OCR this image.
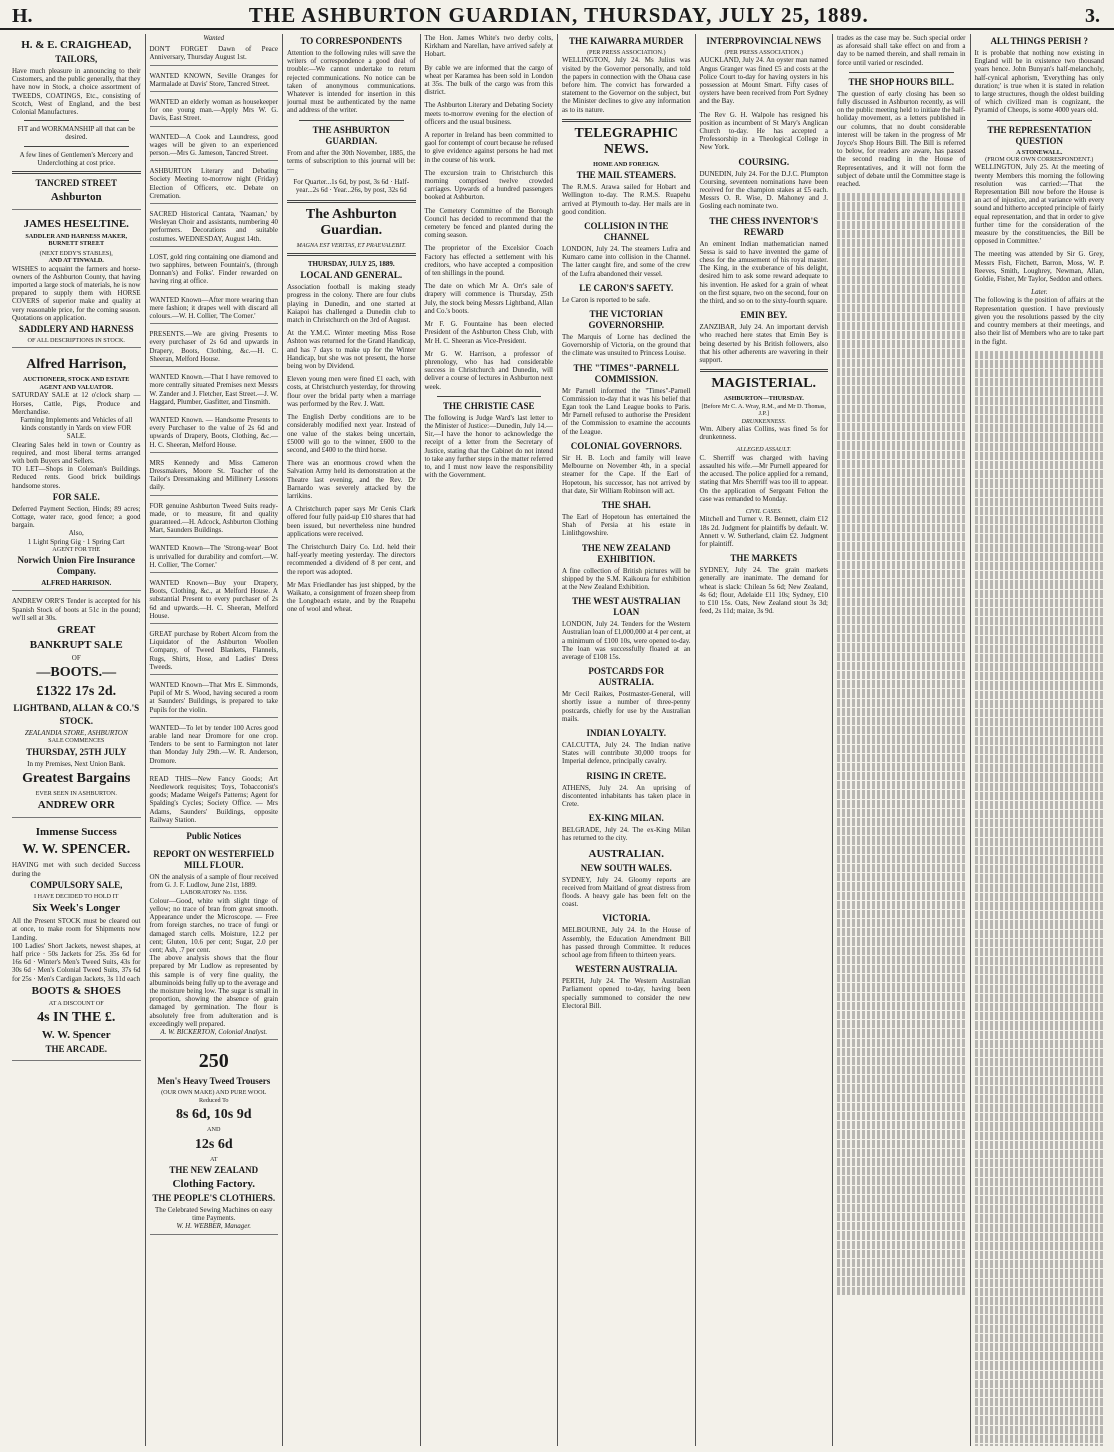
H.	THE ASHBURTON GUARDIAN, THURSDAY, JULY 25, 1889.	3.
H. & E. CRAIGHEAD,
TAILORS,
Have much pleasure in announcing to their Customers, and the public generally, that they have now in Stock, a choice assortment of TWEEDS, COATINGS, Etc., consisting of Scotch, West of England, and the best Colonial Manufactures.
FIT and WORKMANSHIP all that can be desired.
A few lines of Gentlemen's Mercery and Underclothing at cost price.
TANCRED STREET
Ashburton
JAMES HESELTINE.
SADDLER AND HARNESS MAKER, BURNETT STREET
(NEXT EDDY'S STABLES),
AND AT TINWALD.
WISHES to acquaint the farmers and horse-owners of the Ashburton County, that having imported a large stock of materials, he is now prepared to supply them with HORSE COVERS of superior make and quality at very reasonable price, for the coming season. Quotations on application.
SADDLERY AND HARNESS
OF ALL DESCRIPTIONS IN STOCK.
Alfred Harrison,
AUCTIONEER, STOCK AND ESTATE AGENT AND VALUATOR.
SATURDAY SALE at 12 o'clock sharp — Horses, Cattle, Pigs, Produce and Merchandise.
Farming Implements and Vehicles of all kinds constantly in Yards on view FOR SALE.
Clearing Sales held in town or Country as required, and most liberal terms arranged with both Buyers and Sellers.
TO LET—Shops in Coleman's Buildings. Reduced rents. Good brick buildings handsome stores.
FOR SALE.
Deferred Payment Section, Hinds; 89 acres; Cottage, water race, good fence; a good bargain.
Also,
1 Light Spring Gig · 1 Spring Cart
AGENT FOR THE
Norwich Union Fire Insurance Company.
ALFRED HARRISON.
ANDREW ORR'S Tender is accepted for his Spanish Stock of boots at 51c in the pound; we'll sell at 30s.
GREAT
BANKRUPT SALE
OF
—BOOTS.—
£1322 17s 2d.
LIGHTBAND, ALLAN & CO.'S
STOCK.
ZEALANDIA STORE, ASHBURTON
SALE COMMENCES
THURSDAY, 25TH JULY
In my Premises, Next Union Bank.
Greatest Bargains
EVER SEEN IN ASHBURTON.
ANDREW ORR
Immense Success
W. W. SPENCER.
HAVING met with such decided Success during the
COMPULSORY SALE,
I HAVE DECIDED TO HOLD IT
Six Week's Longer
All the Present STOCK must be cleared out at once, to make room for Shipments now Landing.
100 Ladies' Short Jackets, newest shapes, at half price · 50s Jackets for 25s. 35s 6d for 16s 6d · Winter's Men's Tweed Suits, 43s for 30s 6d · Men's Colonial Tweed Suits, 37s 6d for 25s · Men's Cardigan Jackets, 3s 11d each
BOOTS & SHOES
AT A DISCOUNT OF
4s IN THE £.
W. W. Spencer
THE ARCADE.
Wanted
DON'T FORGET Dawn of Peace Anniversary, Thursday August 1st.
WANTED KNOWN, Seville Oranges for Marmalade at Davis' Store, Tancred Street.
WANTED an elderly woman as housekeeper for one young man.—Apply Mrs W. G. Davis, East Street.
WANTED—A Cook and Laundress, good wages will be given to an experienced person.—Mrs G. Jameson, Tancred Street.
ASHBURTON Literary and Debating Society Meeting to-morrow night (Friday) Election of Officers, etc. Debate on Cremation.
SACRED Historical Cantata, 'Naaman,' by Wesleyan Choir and assistants, numbering 40 performers. Decorations and suitable costumes. WEDNESDAY, August 14th.
LOST, gold ring containing one diamond and two sapphires, between Fountain's, (through Donnan's) and Folks'. Finder rewarded on having ring at office.
WANTED Known—After more wearing than mere fashion; it drapes well with discard all colours.—W. H. Collier, 'The Corner.'
PRESENTS.—We are giving Presents to every purchaser of 2s 6d and upwards in Drapery, Boots, Clothing, &c.—H. C. Sheeran, Melford House.
WANTED Known.—That I have removed to more centrally situated Premises next Messrs W. Zander and J. Fletcher, East Street.—J. W. Haggard, Plumber, Gasfitter, and Tinsmith.
WANTED Known. — Handsome Presents to every Purchaser to the value of 2s 6d and upwards of Drapery, Boots, Clothing, &c.—H. C. Sheeran, Melford House.
MRS Kennedy and Miss Cameron Dressmakers, Moore St. Teacher of the Tailor's Dressmaking and Millinery Lessons daily.
FOR genuine Ashburton Tweed Suits ready-made, or to measure, fit and quality guaranteed.—H. Adcock, Ashburton Clothing Mart, Saunders Buildings.
WANTED Known—The 'Strong-wear' Boot is unrivalled for durability and comfort.—W. H. Collier, 'The Corner.'
WANTED Known—Buy your Drapery, Boots, Clothing, &c., at Melford House. A substantial Present to every purchaser of 2s 6d and upwards.—H. C. Sheeran, Melford House.
GREAT purchase by Robert Alcorn from the Liquidator of the Ashburton Woollen Company, of Tweed Blankets, Flannels, Rugs, Shirts, Hose, and Ladies' Dress Tweeds.
WANTED Known—That Mrs E. Simmonds, Pupil of Mr S. Wood, having secured a room at Saunders' Buildings, is prepared to take Pupils for the violin.
WANTED—To let by tender 100 Acres good arable land near Dromore for one crop. Tenders to be sent to Farmington not later than Monday July 29th.—W. R. Anderson, Dromore.
READ THIS—New Fancy Goods; Art Needlework requisites; Toys, Tobacconist's goods; Madame Weigel's Patterns; Agent for Spalding's Cycles; Society Office. — Mrs Adams, Saunders' Buildings, opposite Railway Station.
Public Notices
REPORT ON WESTERFIELD MILL FLOUR.
ON the analysis of a sample of flour received from G. J. F. Ludlow, June 21st, 1889.
LABORATORY No. 1356.
Colour—Good, white with slight tinge of yellow; no trace of bran from great smooth. Appearance under the Microscope. — Free from foreign starches, no trace of fungi or damaged starch cells. Moisture, 12.2 per cent; Gluten, 10.6 per cent; Sugar, 2.0 per cent; Ash, .7 per cent.
The above analysis shows that the flour prepared by Mr Ludlow as represented by this sample is of very fine quality, the albuminoids being fully up to the average and the moisture being low. The sugar is small in proportion, showing the absence of grain damaged by germination. The flour is absolutely free from adulteration and is exceedingly well prepared.
A. W. BICKERTON, Colonial Analyst.
250
Men's Heavy Tweed Trousers
(OUR OWN MAKE) AND PURE WOOL
Reduced To
8s 6d, 10s 9d
AND
12s 6d
AT
THE NEW ZEALAND
Clothing Factory.
THE PEOPLE'S CLOTHIERS.
The Celebrated Sewing Machines on easy time Payments.
W. H. WEBBER, Manager.
TO CORRESPONDENTS
Attention to the following rules will save the writers of correspondence a good deal of trouble:—We cannot undertake to return rejected communications. No notice can be taken of anonymous communications. Whatever is intended for insertion in this journal must be authenticated by the name and address of the writer.
THE ASHBURTON GUARDIAN.
From and after the 30th November, 1885, the terms of subscription to this journal will be:—
For Quarter...1s 6d, by post, 3s 6d · Half-year...2s 6d · Year...26s, by post, 32s 6d
The Ashburton Guardian.
MAGNA EST VERITAS, ET PRAEVALEBIT.
THURSDAY, JULY 25, 1889.
LOCAL AND GENERAL.
Association football is making steady progress in the colony. There are four clubs playing in Dunedin, and one started at Kaiapoi has challenged a Dunedin club to match in Christchurch on the 3rd of August.
At the Y.M.C. Winter meeting Miss Rose Ashton was returned for the Grand Handicap, and has 7 days to make up for the Winter Handicap, but she was not present, the horse being won by Dividend.
Eleven young men were fined £1 each, with costs, at Christchurch yesterday, for throwing flour over the bridal party when a marriage was performed by the Rev. J. Watt.
The English Derby conditions are to be considerably modified next year. Instead of one value of the stakes being uncertain, £5000 will go to the winner, £600 to the second, and £400 to the third horse.
There was an enormous crowd when the Salvation Army held its demonstration at the Theatre last evening, and the Rev. Dr Barnardo was severely attacked by the larrikins.
A Christchurch paper says Mr Cenis Clark offered four fully paid-up £10 shares that had been issued, but nevertheless nine hundred applications were received.
The Christchurch Dairy Co. Ltd. held their half-yearly meeting yesterday. The directors recommended a dividend of 8 per cent, and the report was adopted.
Mr Max Friedlander has just shipped, by the Waikato, a consignment of frozen sheep from the Longbeach estate, and by the Ruapehu one of wool and wheat.
The Hon. James White's two derby colts, Kirkham and Narellan, have arrived safely at Hobart.
By cable we are informed that the cargo of wheat per Karamea has been sold in London at 35s. The bulk of the cargo was from this district.
The Ashburton Literary and Debating Society meets to-morrow evening for the election of officers and the usual business.
A reporter in Ireland has been committed to gaol for contempt of court because he refused to give evidence against persons he had met in the course of his work.
The excursion train to Christchurch this morning comprised twelve crowded carriages. Upwards of a hundred passengers booked at Ashburton.
The Cemetery Committee of the Borough Council has decided to recommend that the cemetery be fenced and planted during the coming season.
The proprietor of the Excelsior Coach Factory has effected a settlement with his creditors, who have accepted a composition of ten shillings in the pound.
The date on which Mr A. Orr's sale of drapery will commence is Thursday, 25th July, the stock being Messrs Lightband, Allan and Co.'s boots.
Mr F. G. Fountaine has been elected President of the Ashburton Chess Club, with Mr H. C. Sheeran as Vice-President.
Mr G. W. Harrison, a professor of phrenology, who has had considerable success in Christchurch and Dunedin, will deliver a course of lectures in Ashburton next week.
THE CHRISTIE CASE
The following is Judge Ward's last letter to the Minister of Justice:—Dunedin, July 14.—Sir,—I have the honor to acknowledge the receipt of a letter from the Secretary of Justice, stating that the Cabinet do not intend to take any further steps in the matter referred to, and I must now leave the responsibility with the Government.
THE KAIWARRA MURDER
(PER PRESS ASSOCIATION.)
WELLINGTON, July 24. Ms Julius was visited by the Governor personally, and told the papers in connection with the Ohaua case before him. The convict has forwarded a statement to the Governor on the subject, but the Minister declines to give any information as to its nature.
TELEGRAPHIC NEWS.
HOME AND FOREIGN.
THE MAIL STEAMERS.
The R.M.S. Arawa sailed for Hobart and Wellington to-day. The R.M.S. Ruapehu arrived at Plymouth to-day. Her mails are in good condition.
COLLISION IN THE CHANNEL
LONDON, July 24. The steamers Lufra and Kumaro came into collision in the Channel. The latter caught fire, and some of the crew of the Lufra abandoned their vessel.
LE CARON'S SAFETY.
Le Caron is reported to be safe.
THE VICTORIAN GOVERNORSHIP.
The Marquis of Lorne has declined the Governorship of Victoria, on the ground that the climate was unsuited to Princess Louise.
THE "TIMES"-PARNELL COMMISSION.
Mr Parnell informed the "Times"-Parnell Commission to-day that it was his belief that Egan took the Land League books to Paris. Mr Parnell refused to authorise the President of the Commission to examine the accounts of the League.
COLONIAL GOVERNORS.
Sir H. B. Loch and family will leave Melbourne on November 4th, in a special steamer for the Cape. If the Earl of Hopetoun, his successor, has not arrived by that date, Sir William Robinson will act.
THE SHAH.
The Earl of Hopetoun has entertained the Shah of Persia at his estate in Linlithgowshire.
THE NEW ZEALAND EXHIBITION.
A fine collection of British pictures will be shipped by the S.M. Kaikoura for exhibition at the New Zealand Exhibition.
THE WEST AUSTRALIAN LOAN
LONDON, July 24. Tenders for the Western Australian loan of £1,000,000 at 4 per cent, at a minimum of £100 10s, were opened to-day. The loan was successfully floated at an average of £108 15s.
POSTCARDS FOR AUSTRALIA.
Mr Cecil Raikes, Postmaster-General, will shortly issue a number of three-penny postcards, chiefly for use by the Australian mails.
INDIAN LOYALTY.
CALCUTTA, July 24. The Indian native States will contribute 30,000 troops for Imperial defence, principally cavalry.
RISING IN CRETE.
ATHENS, July 24. An uprising of discontented inhabitants has taken place in Crete.
EX-KING MILAN.
BELGRADE, July 24. The ex-King Milan has returned to the city.
AUSTRALIAN.
NEW SOUTH WALES.
SYDNEY, July 24. Gloomy reports are received from Maitland of great distress from floods. A heavy gale has been felt on the coast.
VICTORIA.
MELBOURNE, July 24. In the House of Assembly, the Education Amendment Bill has passed through Committee. It reduces school age from fifteen to thirteen years.
WESTERN AUSTRALIA.
PERTH, July 24. The Western Australian Parliament opened to-day, having been specially summoned to consider the new Electoral Bill.
INTERPROVINCIAL NEWS
(PER PRESS ASSOCIATION.)
AUCKLAND, July 24. An oyster man named Angus Granger was fined £5 and costs at the Police Court to-day for having oysters in his possession at Mount Smart. Fifty cases of oysters have been received from Port Sydney and the Bay.
The Rev G. H. Walpole has resigned his position as incumbent of St Mary's Anglican Church to-day. He has accepted a Professorship in a Theological College in New York.
COURSING.
DUNEDIN, July 24. For the D.J.C. Plumpton Coursing, seventeen nominations have been received for the champion stakes at £5 each. Messrs O. R. Wise, D. Mahoney and J. Gosling each nominate two.
THE CHESS INVENTOR'S REWARD
An eminent Indian mathematician named Sessa is said to have invented the game of chess for the amusement of his royal master. The King, in the exuberance of his delight, desired him to ask some reward adequate to his invention. He asked for a grain of wheat on the first square, two on the second, four on the third, and so on to the sixty-fourth square.
EMIN BEY.
ZANZIBAR, July 24. An important dervish who reached here states that Emin Bey is being deserted by his British followers, also that his other adherents are wavering in their support.
MAGISTERIAL.
ASHBURTON—THURSDAY.
[Before Mr C. A. Wray, R.M., and Mr D. Thomas, J.P.]
DRUNKENNESS.
Wm. Albery alias Collins, was fined 5s for drunkenness.
ALLEGED ASSAULT.
C. Sherriff was charged with having assaulted his wife.—Mr Purnell appeared for the accused. The police applied for a remand, stating that Mrs Sherriff was too ill to appear. On the application of Sergeant Felton the case was remanded to Monday.
CIVIL CASES.
Mitchell and Turner v. R. Bennett, claim £12 18s 2d. Judgment for plaintiffs by default. W. Annett v. W. Sutherland, claim £2. Judgment for plaintiff.
THE MARKETS
SYDNEY, July 24. The grain markets generally are inanimate. The demand for wheat is slack: Chilean 5s 6d; New Zealand, 4s 6d; flour, Adelaide £11 10s; Sydney, £10 to £10 15s. Oats, New Zealand stout 3s 3d; feed, 2s 11d; maize, 3s 9d.
trades as the case may be. Such special order as aforesaid shall take effect on and from a day to be named therein, and shall remain in force until varied or rescinded.
THE SHOP HOURS BILL.
The question of early closing has been so fully discussed in Ashburton recently, as will on the public meeting held to initiate the half-holiday movement, as a letters published in our columns, that no doubt considerable interest will be taken in the progress of Mr Joyce's Shop Hours Bill. The Bill is referred to below, for readers are aware, has passed the second reading in the House of Representatives, and it will not form the subject of debate until the Committee stage is reached.
ALL THINGS PERISH ?
It is probable that nothing now existing in England will be in existence two thousand years hence. John Bunyan's half-melancholy, half-cynical aphorism, 'Everything has only duration;' is true when it is stated in relation to large structures, though the oldest building of which civilized man is cognizant, the Pyramid of Cheops, is some 4000 years old.
THE REPRESENTATION QUESTION
A STONEWALL.
(FROM OUR OWN CORRESPONDENT.)
WELLINGTON, July 25. At the meeting of twenty Members this morning the following resolution was carried:—'That the Representation Bill now before the House is an act of injustice, and at variance with every sound and hitherto accepted principle of fairly equal representation, and that in order to give further time for the consideration of the measure by the constituencies, the Bill be opposed in Committee.'
The meeting was attended by Sir G. Grey, Messrs Fish, Fitchett, Barron, Moss, W. P. Reeves, Smith, Loughrey, Newman, Allan, Goldie, Fisher, Mr Taylor, Seddon and others.
Later.
The following is the position of affairs at the Representation question. I have previously given you the resolutions passed by the city and country members at their meetings, and also their list of Members who are to take part in the fight.
